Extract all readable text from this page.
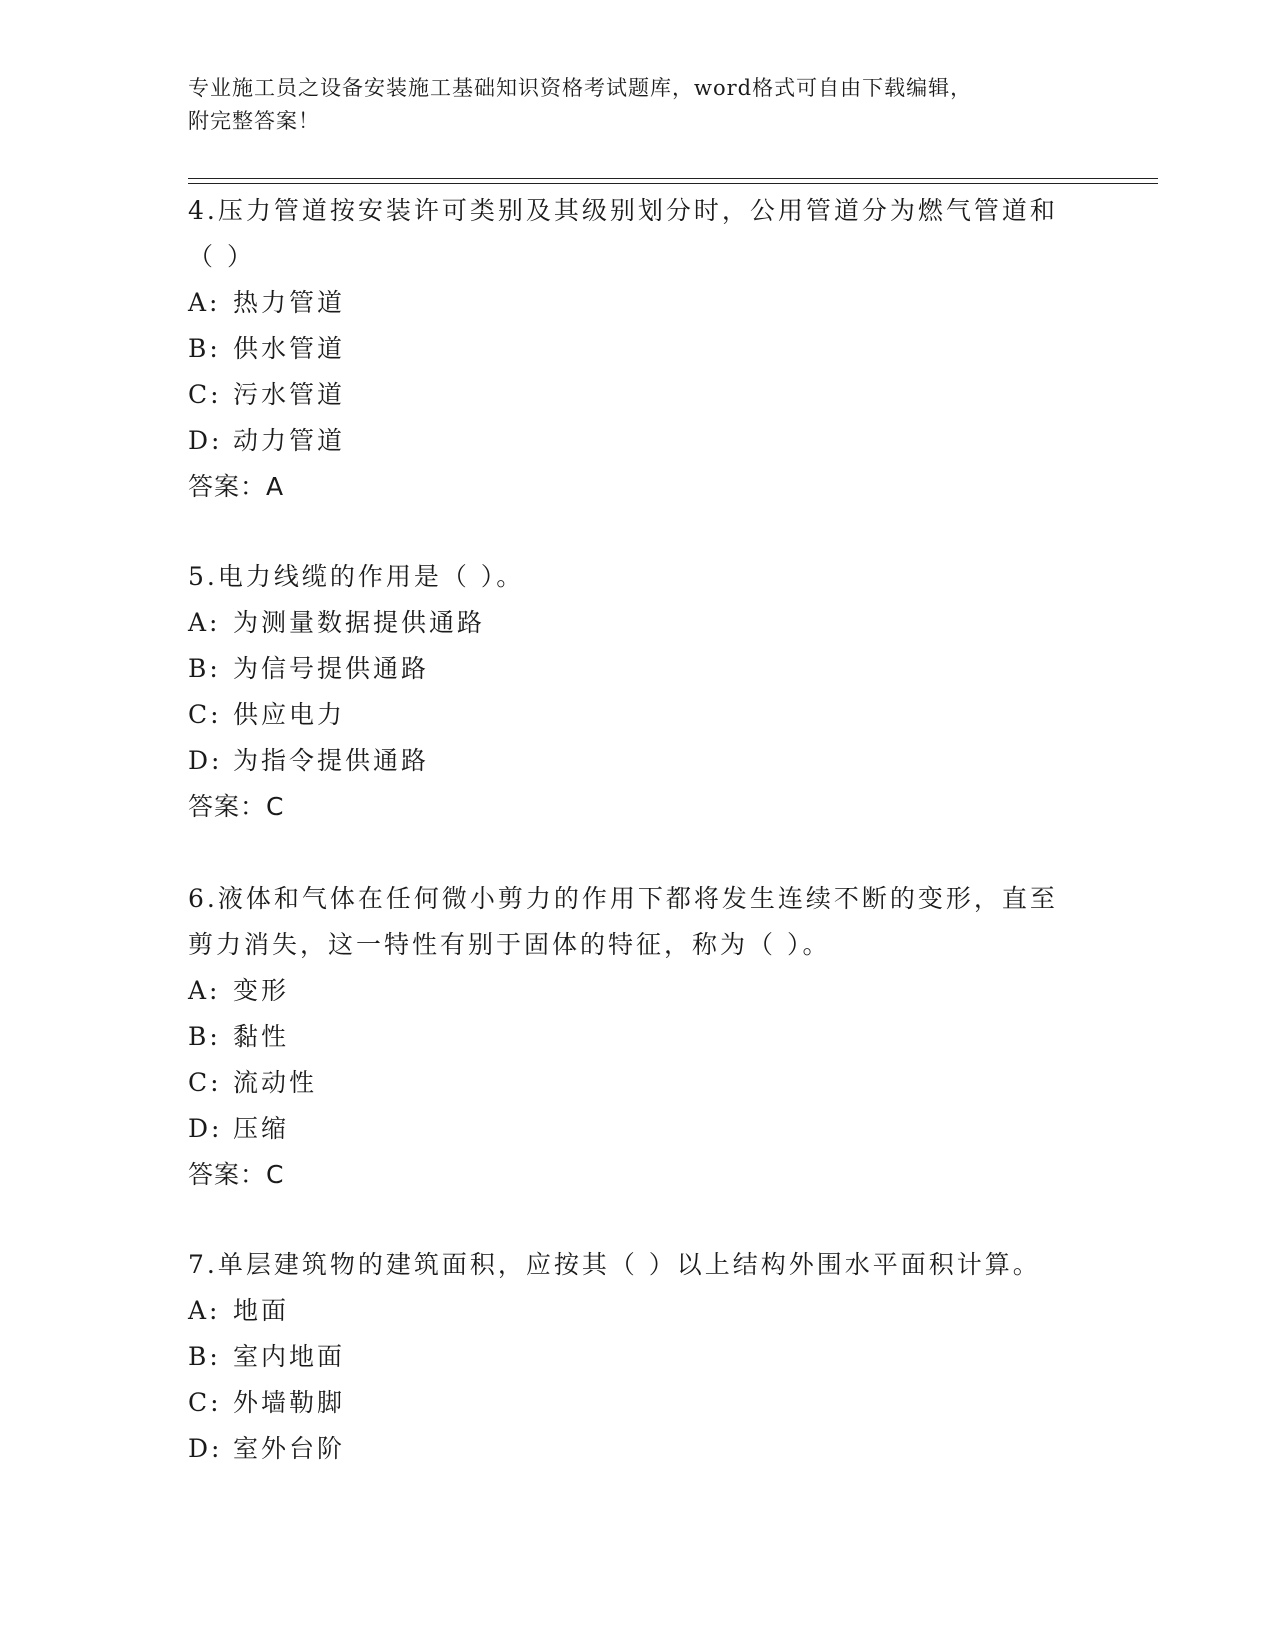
专业施工员之设备安装施工基础知识资格考试题库，word格式可自由下载编辑，
附完整答案！

4.压力管道按安装许可类别及其级别划分时，公用管道分为燃气管道和（ ）

A: 热力管道
B: 供水管道
C: 污水管道
D: 动力管道
答案：A

5.电力线缆的作用是（ ）。

A: 为测量数据提供通路
B: 为信号提供通路
C: 供应电力
D: 为指令提供通路
答案：C

6.液体和气体在任何微小剪力的作用下都将发生连续不断的变形，直至剪力消失，这一特性有别于固体的特征，称为（ ）。

A: 变形
B: 黏性
C: 流动性
D: 压缩
答案：C

7.单层建筑物的建筑面积，应按其（ ）以上结构外围水平面积计算。

A: 地面
B: 室内地面
C: 外墙勒脚
D: 室外台阶
